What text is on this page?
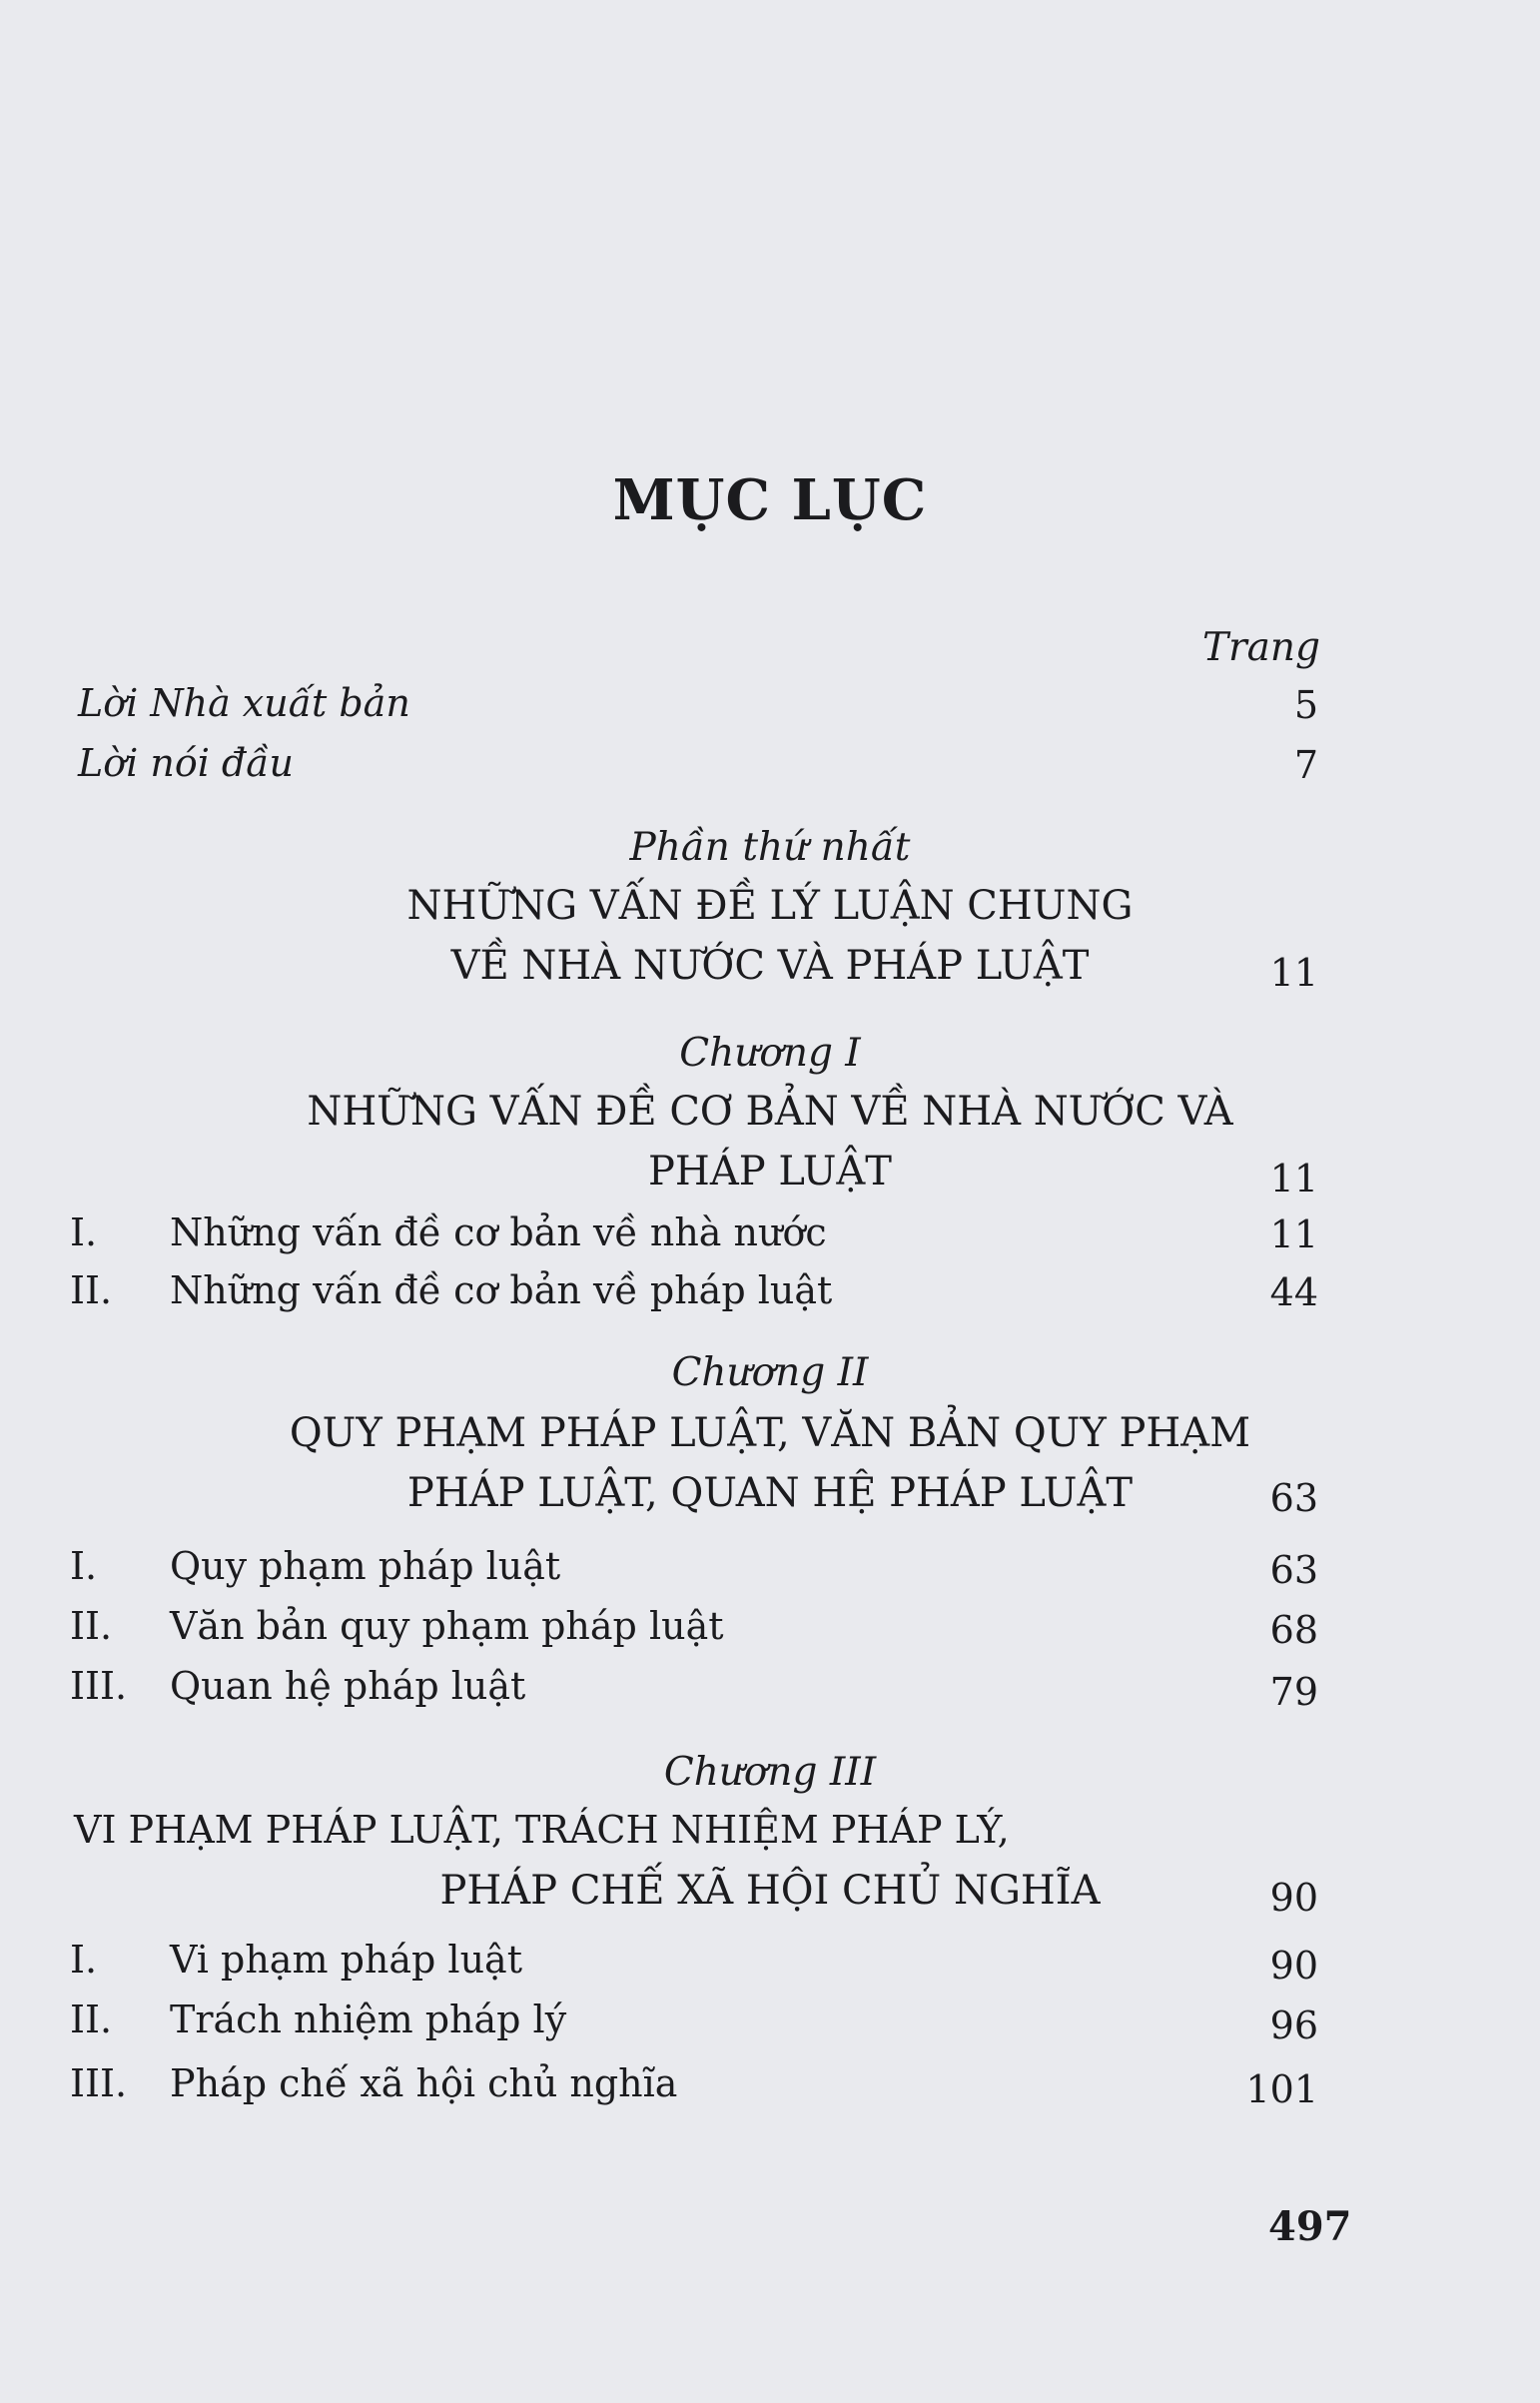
MỤC LỤC
Trang
Lời Nhà xuất bản	5
Lời nói đầu	7
Phần thứ nhất
NHỮNG VẤN ĐỀ LÝ LUẬN CHUNG
VỀ NHÀ NƯỚC VÀ PHÁP LUẬT	11
Chương I
NHỮNG VẤN ĐỀ CƠ BẢN VỀ NHÀ NƯỚC VÀ
PHÁP LUẬT	11
I. Những vấn đề cơ bản về nhà nước	11
II. Những vấn đề cơ bản về pháp luật	44
Chương II
QUY PHẠM PHÁP LUẬT, VĂN BẢN QUY PHẠM
PHÁP LUẬT, QUAN HỆ PHÁP LUẬT	63
I. Quy phạm pháp luật	63
II. Văn bản quy phạm pháp luật	68
III. Quan hệ pháp luật	79
Chương III
VI PHẠM PHÁP LUẬT, TRÁCH NHIỆM PHÁP LÝ,
PHÁP CHẾ XÃ HỘI CHỦ NGHĨA	90
I. Vi phạm pháp luật	90
II. Trách nhiệm pháp lý	96
III. Pháp chế xã hội chủ nghĩa	101
497
